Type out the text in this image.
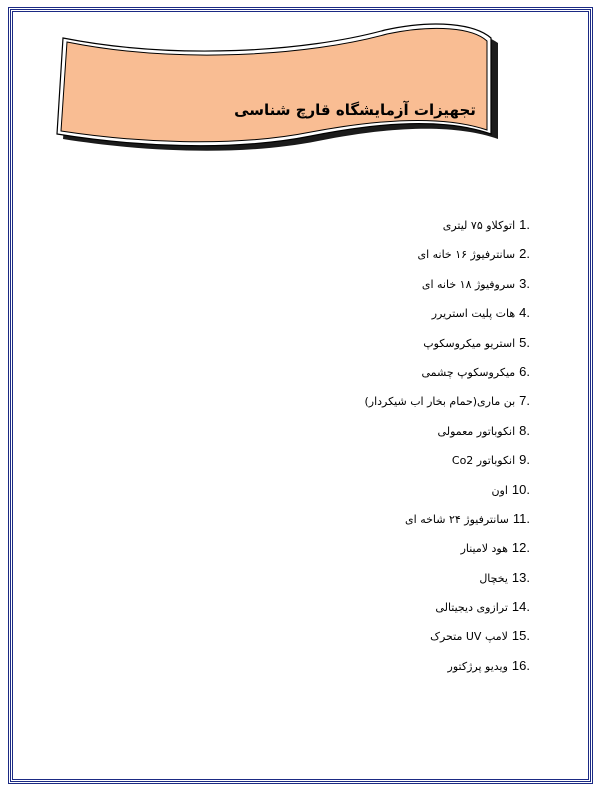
تجهیزات آزمایشگاه قارچ شناسی
1.اتوکلاو ۷۵ لیتری
2.سانترفیوژ ۱۶ خانه ای
3.سروفیوژ ۱۸ خانه ای
4.هات پلیت استریرر
5.استریو میکروسکوپ
6.میکروسکوپ چشمی
7.بن ماری(حمام بخار اب شیکردار)
8.انکوباتور معمولی
9.انکوباتور Co2
10.اون
11.سانترفیوژ ۲۴ شاخه ای
12.هود لامینار
13.یخچال
14.ترازوی دیجیتالی
15.لامپ UV متحرک
16.ویدیو پرژکتور
